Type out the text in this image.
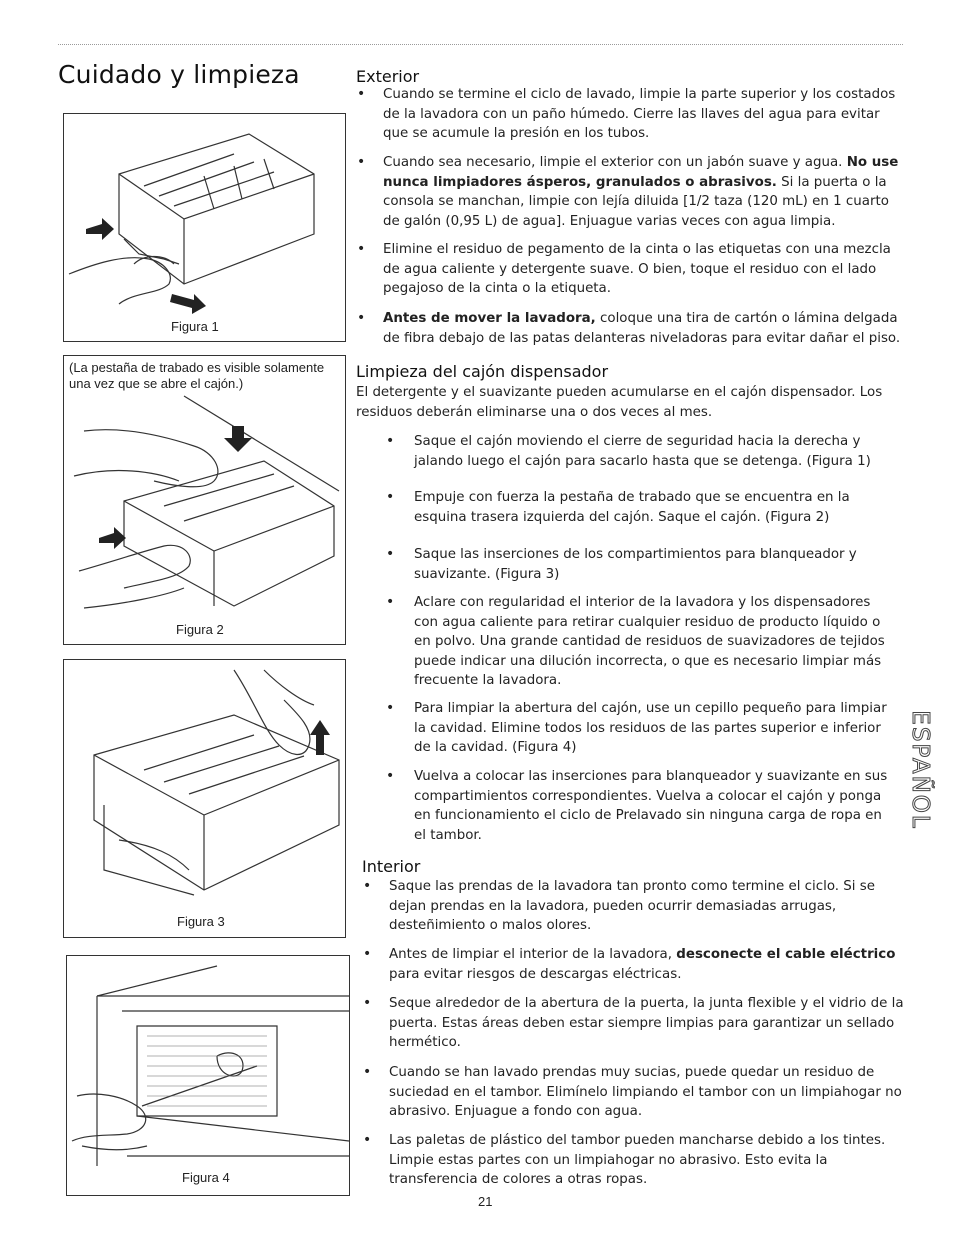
Cuidado y limpieza
Figura 1
(La pestaña de trabado es visible solamente una vez que se abre el cajón.)
Figura 2
Figura 3
Figura 4
Exterior
• Cuando se termine el ciclo de lavado, limpie la parte superior y los costados de la lavadora con un paño húmedo. Cierre las llaves del agua para evitar que se acumule la presión en los tubos.
• Cuando sea necesario, limpie el exterior con un jabón suave y agua. No use nunca limpiadores ásperos, granulados o abrasivos. Si la puerta o la consola se manchan, limpie con lejía diluida [1/2 taza (120 mL) en 1 cuarto de galón (0,95 L) de agua]. Enjuague varias veces con agua limpia.
• Elimine el residuo de pegamento de la cinta o las etiquetas con una mezcla de agua caliente y detergente suave. O bien, toque el residuo con el lado pegajoso de la cinta o la etiqueta.
• Antes de mover la lavadora, coloque una tira de cartón o lámina delgada de fibra debajo de las patas delanteras niveladoras para evitar dañar el piso.
Limpieza del cajón dispensador
El detergente y el suavizante pueden acumularse en el cajón dispensador. Los residuos deberán eliminarse una o dos veces al mes.
• Saque el cajón moviendo el cierre de seguridad hacia la derecha y jalando luego el cajón para sacarlo hasta que se detenga. (Figura 1)
• Empuje con fuerza la pestaña de trabado que se encuentra en la esquina trasera izquierda del cajón. Saque el cajón. (Figura 2)
• Saque las inserciones de los compartimientos para blanqueador y suavizante. (Figura 3)
• Aclare con regularidad el interior de la lavadora y los dispensadores con agua caliente para retirar cualquier residuo de producto líquido o en polvo. Una grande cantidad de residuos de suavizadores de tejidos puede indicar una dilución incorrecta, o que es necesario limpiar más frecuente la lavadora.
• Para limpiar la abertura del cajón, use un cepillo pequeño para limpiar la cavidad. Elimine todos los residuos de las partes superior e inferior de la cavidad. (Figura 4)
• Vuelva a colocar las inserciones para blanqueador y suavizante en sus compartimientos correspondientes. Vuelva a colocar el cajón y ponga en funcionamiento el ciclo de Prelavado sin ninguna carga de ropa en el tambor.
Interior
• Saque las prendas de la lavadora tan pronto como termine el ciclo. Si se dejan prendas en la lavadora, pueden ocurrir demasiadas arrugas, desteñimiento o malos olores.
• Antes de limpiar el interior de la lavadora, desconecte el cable eléctrico para evitar riesgos de descargas eléctricas.
• Seque alrededor de la abertura de la puerta, la junta flexible y el vidrio de la puerta. Estas áreas deben estar siempre limpias para garantizar un sellado hermético.
• Cuando se han lavado prendas muy sucias, puede quedar un residuo de suciedad en el tambor. Elimínelo limpiando el tambor con un limpiahogar no abrasivo. Enjuague a fondo con agua.
• Las paletas de plástico del tambor pueden mancharse debido a los tintes. Limpie estas partes con un limpiahogar no abrasivo. Esto evita la transferencia de colores a otras ropas.
ESPAÑOL
21
